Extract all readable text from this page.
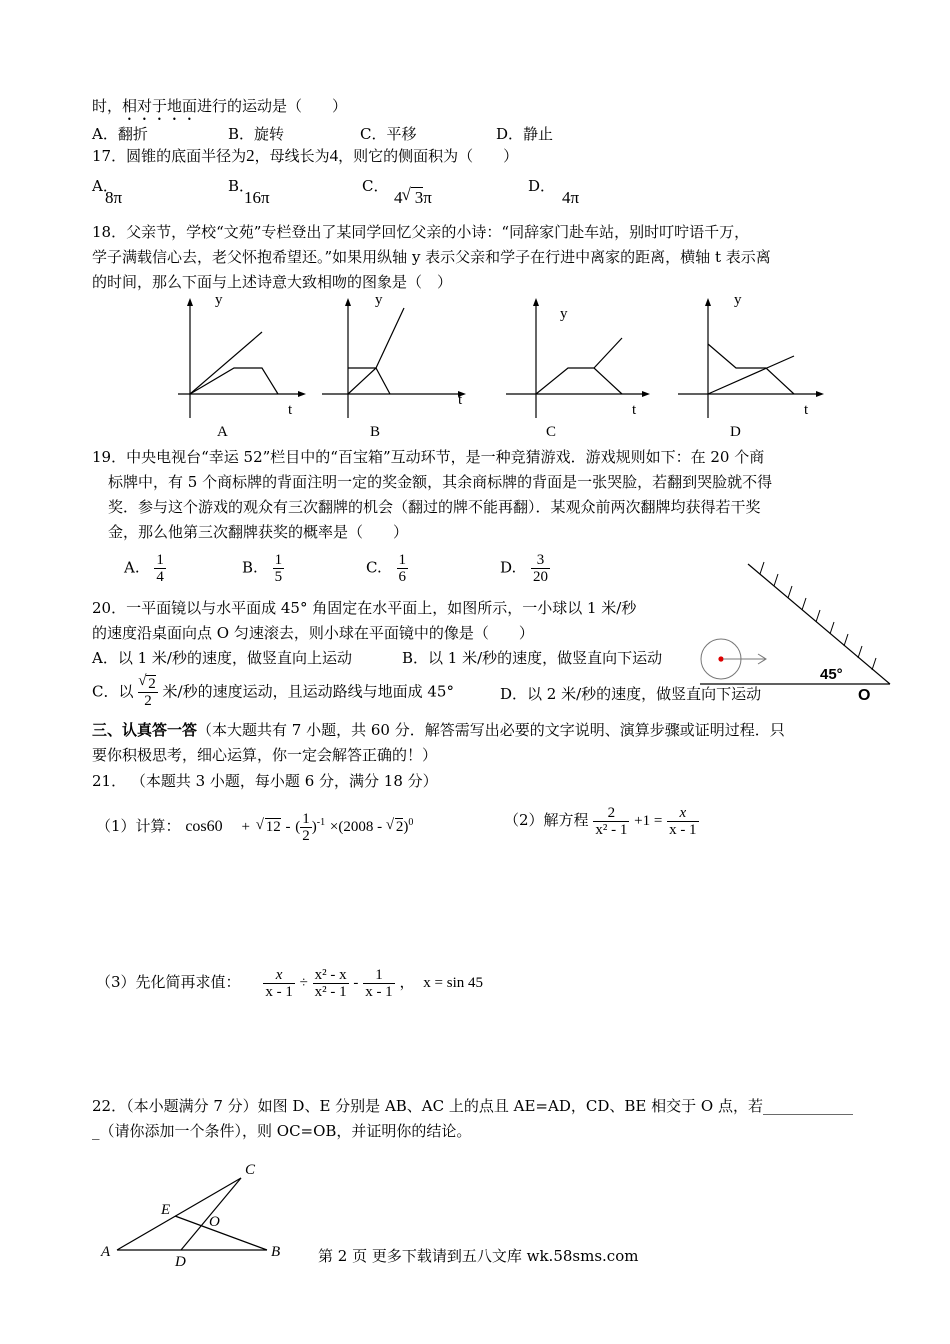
时，相对于地面进行的运动是（　　）
A．翻折	B．旋转	C．平移	D．静止
17．圆锥的底面半径为2，母线长为4，则它的侧面积为（　　）
A．
8π
B．
16π
C．
4 √ 3π
D．
4π
18．父亲节，学校“文苑”专栏登出了某同学回忆父亲的小诗：“同辞家门赴车站，别时叮咛语千万，
学子满载信心去，老父怀抱希望还。”如果用纵轴 y 表示父亲和学子在行进中离家的距离，横轴 t 表示离
的时间，那么下面与上述诗意大致相吻的图象是（　）
y
t
A
y
t
B
y
t
C
y
t
D
19．中央电视台“幸运 52”栏目中的“百宝箱”互动环节，是一种竞猜游戏．游戏规则如下：在 20 个商
标牌中，有 5 个商标牌的背面注明一定的奖金额，其余商标牌的背面是一张哭脸，若翻到哭脸就不得
奖．参与这个游戏的观众有三次翻牌的机会（翻过的牌不能再翻）．某观众前两次翻牌均获得若干奖
金，那么他第三次翻牌获奖的概率是（　　）
A. $\frac{1}{4}$	B. $\frac{1}{5}$	C. $\frac{1}{6}$	D. $\frac{3}{20}$
20．一平面镜以与水平面成 45° 角固定在水平面上，如图所示，一小球以 1 米/秒
的速度沿桌面向点 O 匀速滚去，则小球在平面镜中的像是（　　）
A．以 1 米/秒的速度，做竖直向上运动	B．以 1 米/秒的速度，做竖直向下运动
C．以 $\frac{√ 2}{2}$ 米/秒的速度运动，且运动路线与地面成 45°	D．以 2 米/秒的速度，做竖直向下运动
45°
O
三、认真答一答（本大题共有 7 小题，共 60 分．解答需写出必要的文字说明、演算步骤或证明过程．只
要你积极思考，细心运算，你一定会解答正确的！）
21． （本题共 3 小题，每小题 6 分，满分 18 分）
（1）计算： cos60 + √ 12 - ( $\frac{1}{2} )^{-1} \times(2008$ - √ 2)$^0$	（2）解方程 $\frac{2}{\text{x² - 1}} +1 = \frac{x}{x - 1}$
（3）先化简再求值： $\frac{x}{x - 1} \div \frac{\text{x² - x}}{\text{x² - 1}} - \frac{1}{x - 1}$ ， x = sin 45
22．（本小题满分 7 分）如图 D、E 分别是 AB、AC 上的点且 AE=AD，CD、BE 相交于 O 点，若____________
_（请你添加一个条件），则 OC=OB，并证明你的结论。
A	B
C
D
E
O
第 2 页 更多下载请到五八文库 wk.58sms.com
